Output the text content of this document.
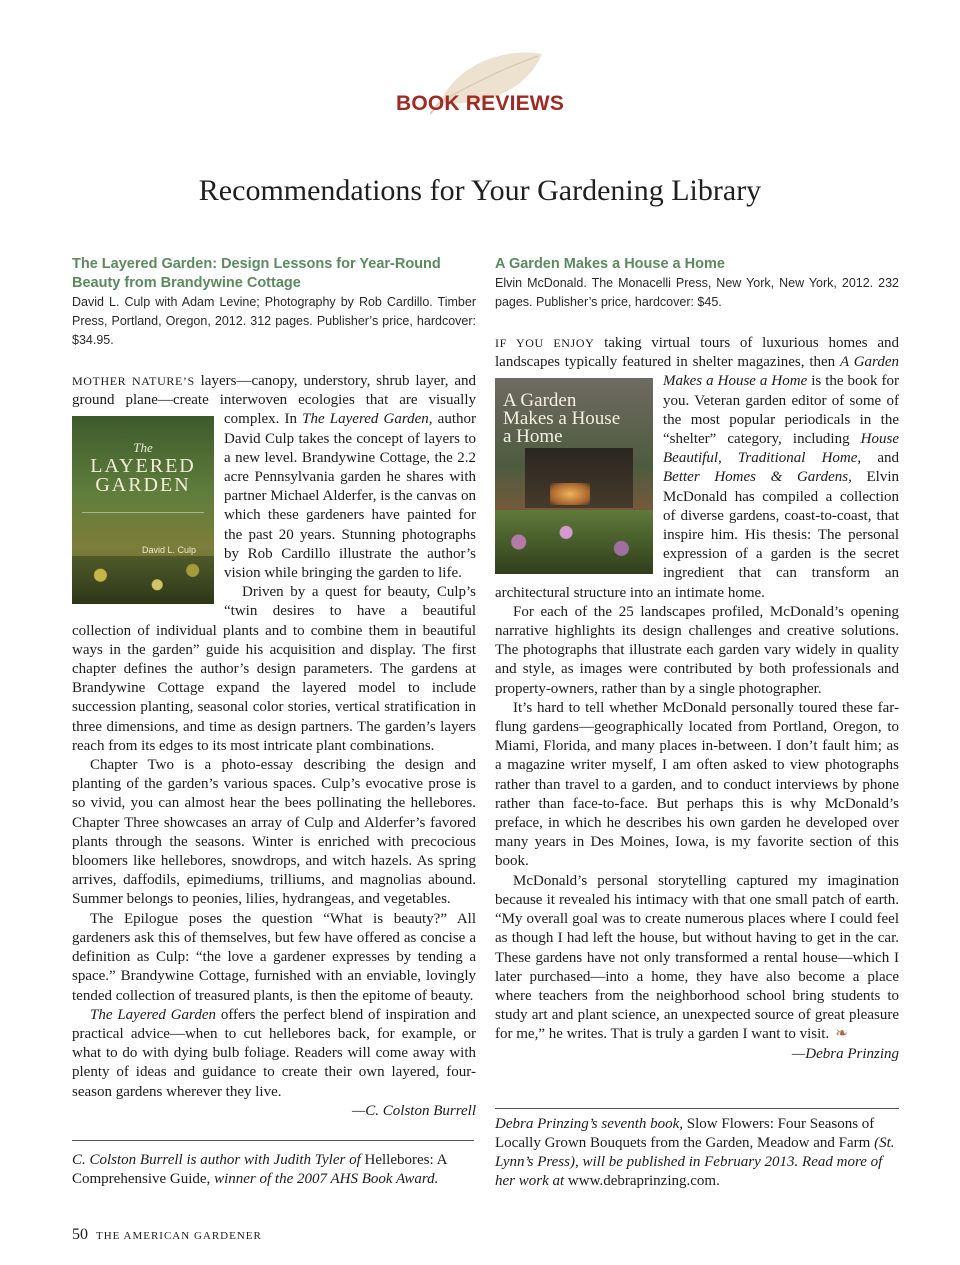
BOOK REVIEWS
Recommendations for Your Gardening Library

The Layered Garden: Design Lessons for Year-Round Beauty from Brandywine Cottage

David L. Culp with Adam Levine; Photography by Rob Cardillo. Timber Press, Portland, Oregon, 2012. 312 pages. Publisher’s price, hardcover: $34.95.

MOTHER NATURE’S layers—canopy, understory, shrub layer, and ground plane—create interwoven ecologies that are visually complex. In
The
LAYERED
GARDEN
David L. Culp
The Layered Garden, author David Culp takes the concept of layers to a new level. Brandywine Cottage, the 2.2 acre Pennsylvania garden he shares with partner Michael Alderfer, is the canvas on which these gardeners have painted for the past 20 years. Stunning photographs by Rob Cardillo illustrate the author’s vision while bringing the garden to life.

Driven by a quest for beauty, Culp’s “twin desires to have a beautiful collection of individual plants and to combine them in beautiful ways in the garden” guide his acquisition and display. The first chapter defines the author’s design parameters. The gardens at Brandywine Cottage expand the layered model to include succession planting, seasonal color stories, vertical stratification in three dimensions, and time as design partners. The garden’s layers reach from its edges to its most intricate plant combinations.

Chapter Two is a photo-essay describing the design and planting of the garden’s various spaces. Culp’s evocative prose is so vivid, you can almost hear the bees pollinating the hellebores. Chapter Three showcases an array of Culp and Alderfer’s favored plants through the seasons. Winter is enriched with precocious bloomers like hellebores, snowdrops, and witch hazels. As spring arrives, daffodils, epimediums, trilliums, and magnolias abound. Summer belongs to peonies, lilies, hydrangeas, and vegetables.

The Epilogue poses the question “What is beauty?” All gardeners ask this of themselves, but few have offered as concise a definition as Culp: “the love a gardener expresses by tending a space.” Brandywine Cottage, furnished with an enviable, lovingly tended collection of treasured plants, is then the epitome of beauty.

The Layered Garden offers the perfect blend of inspiration and practical advice—when to cut hellebores back, for example, or what to do with dying bulb foliage. Readers will come away with plenty of ideas and guidance to create their own layered, four-season gardens wherever they live.

—C. Colston Burrell

C. Colston Burrell is author with Judith Tyler of Hellebores: A Comprehensive Guide, winner of the 2007 AHS Book Award.

A Garden Makes a House a Home

Elvin McDonald. The Monacelli Press, New York, New York, 2012. 232 pages. Publisher’s price, hardcover: $45.

IF YOU ENJOY taking virtual tours of luxurious homes and landscapes typically featured in shelter magazines, then
A Garden
Makes a House
a Home
A Garden Makes a House a Home is the book for you. Veteran garden editor of some of the most popular periodicals in the “shelter” category, including House Beautiful, Traditional Home, and Better Homes & Gardens, Elvin McDonald has compiled a collection of diverse gardens, coast-to-coast, that inspire him. His thesis: The personal expression of a garden is the secret ingredient that can transform an architectural structure into an intimate home.

For each of the 25 landscapes profiled, McDonald’s opening narrative highlights its design challenges and creative solutions. The photographs that illustrate each garden vary widely in quality and style, as images were contributed by both professionals and property-owners, rather than by a single photographer.

It’s hard to tell whether McDonald personally toured these far-flung gardens—geographically located from Portland, Oregon, to Miami, Florida, and many places in-between. I don’t fault him; as a magazine writer myself, I am often asked to view photographs rather than travel to a garden, and to conduct interviews by phone rather than face-to-face. But perhaps this is why McDonald’s preface, in which he describes his own garden he developed over many years in Des Moines, Iowa, is my favorite section of this book.

McDonald’s personal storytelling captured my imagination because it revealed his intimacy with that one small patch of earth. “My overall goal was to create numerous places where I could feel as though I had left the house, but without having to get in the car. These gardens have not only transformed a rental house—which I later purchased—into a home, they have also become a place where teachers from the neighborhood school bring students to study art and plant science, an unexpected source of great pleasure for me,” he writes. That is truly a garden I want to visit. ❧

—Debra Prinzing

Debra Prinzing’s seventh book, Slow Flowers: Four Seasons of Locally Grown Bouquets from the Garden, Meadow and Farm (St. Lynn’s Press), will be published in February 2013. Read more of her work at www.debraprinzing.com.

50 THE AMERICAN GARDENER
